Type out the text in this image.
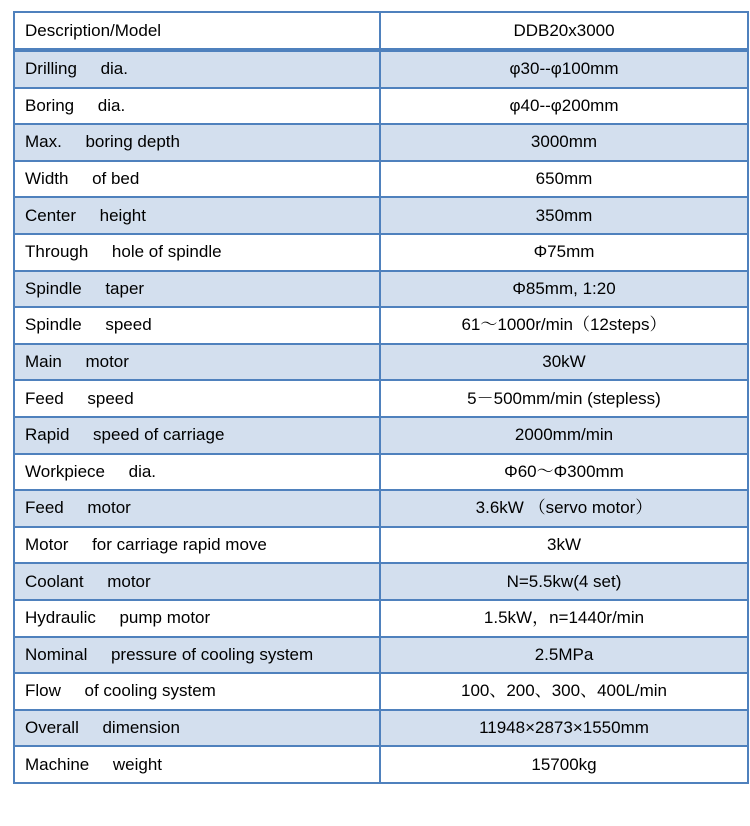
Description/Model	DDB20x3000
Drilling     dia.	φ30--φ100mm
Boring     dia.	φ40--φ200mm
Max.     boring depth	3000mm
Width     of bed	650mm
Center     height	350mm
Through     hole of spindle	Φ75mm
Spindle     taper	Φ85mm, 1:20
Spindle     speed	61～1000r/min（12steps）
Main     motor	30kW
Feed     speed	5－500mm/min (stepless)
Rapid     speed of carriage	2000mm/min
Workpiece     dia.	Φ60～Φ300mm
Feed     motor	3.6kW （servo motor）
Motor     for carriage rapid move	3kW
Coolant     motor	N=5.5kw(4 set)
Hydraulic     pump motor	1.5kW，n=1440r/min
Nominal     pressure of cooling system	2.5MPa
Flow     of cooling system	100、200、300、400L/min
Overall     dimension	11948×2873×1550mm
Machine     weight	15700kg
